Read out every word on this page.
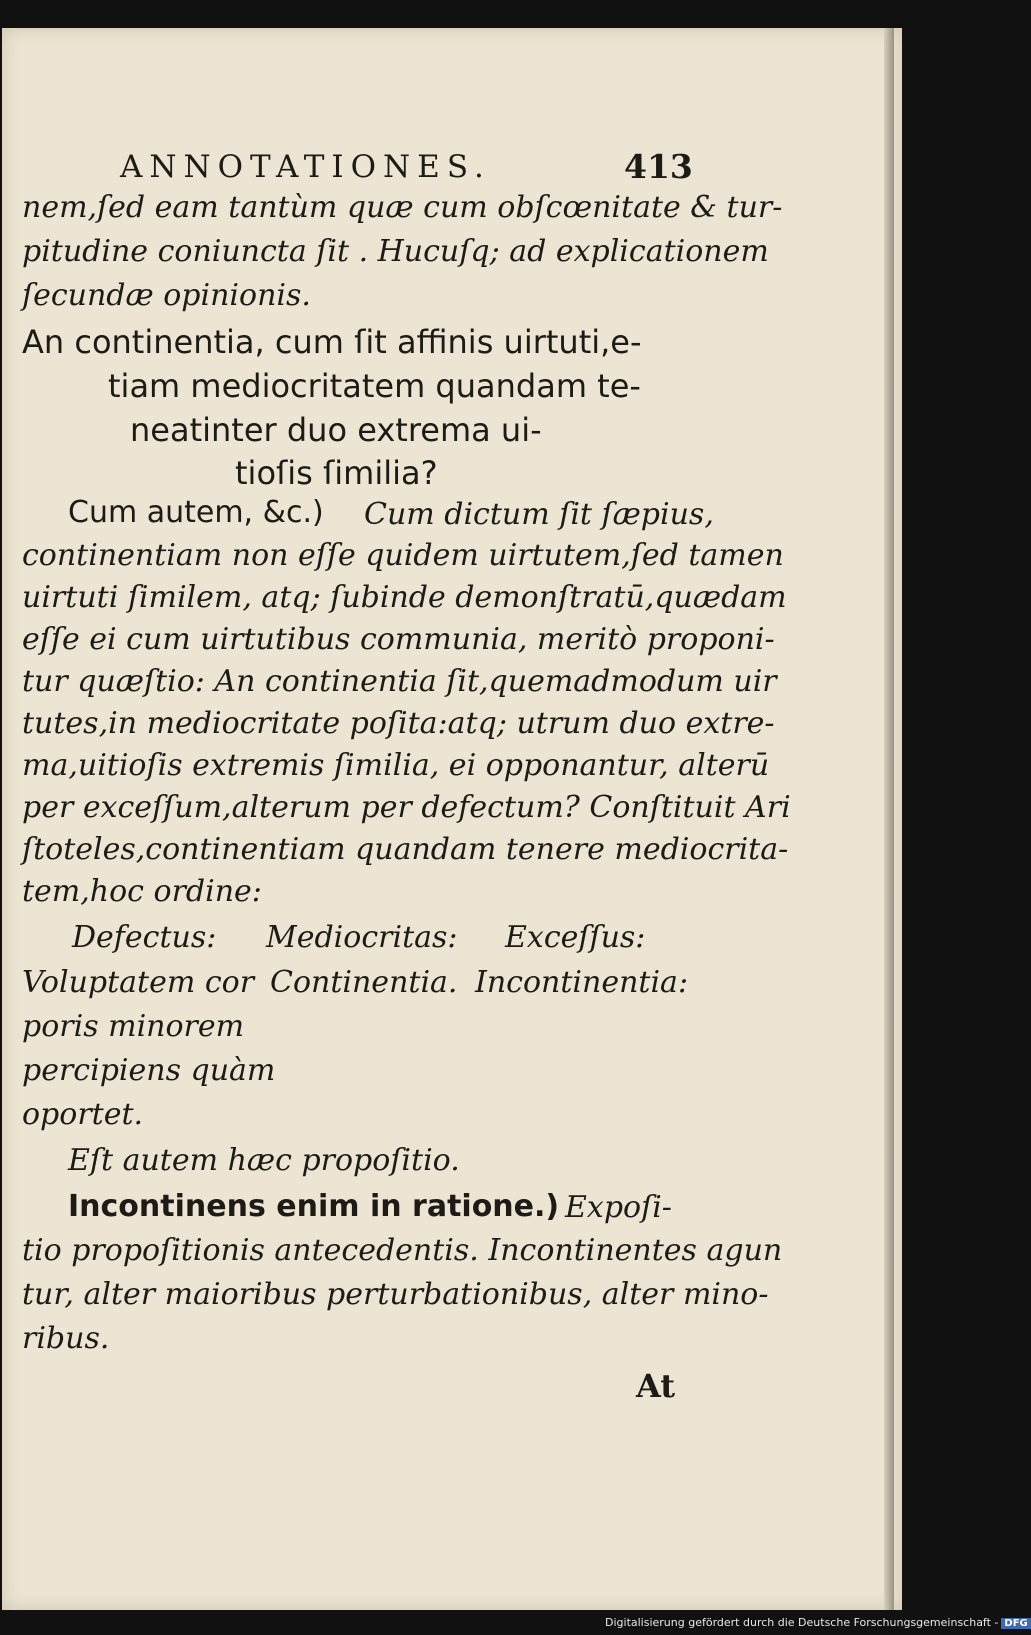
ANNOTATIONES.	413
nem,ſed eam tantùm quæ cum obſcœnitate & tur-
pitudine coniuncta ſit . Hucuſq; ad explicationem
ſecundæ opinionis.
An continentia, cum ſit affinis uirtuti,e-
tiam mediocritatem quandam te-
neatinter duo extrema ui-
tioſis ſimilia?
Cum autem, &c.) Cum dictum ſit ſæpius,
continentiam non eſſe quidem uirtutem,ſed tamen
uirtuti ſimilem, atq; ſubinde demonſtratū,quædam
eſſe ei cum uirtutibus communia, meritò proponi-
tur quæſtio: An continentia ſit,quemadmodum uir
tutes,in mediocritate poſita:atq; utrum duo extre-
ma,uitioſis extremis ſimilia, ei opponantur, alterū
per exceſſum,alterum per defectum? Conſtituit Ari
ſtoteles,continentiam quandam tenere mediocrita-
tem,hoc ordine:
Defectus: Mediocritas: Exceſſus:
Voluptatem cor
poris minorem
percipiens quàm
oportet.
Continentia. Incontinentia:
Eſt autem hæc propoſitio.
Incontinens enim in ratione.) Expoſi-
tio propoſitionis antecedentis. Incontinentes agun
tur, alter maioribus perturbationibus, alter mino-
ribus.
At
Digitalisierung gefördert durch die Deutsche Forschungsgemeinschaft - DFG
